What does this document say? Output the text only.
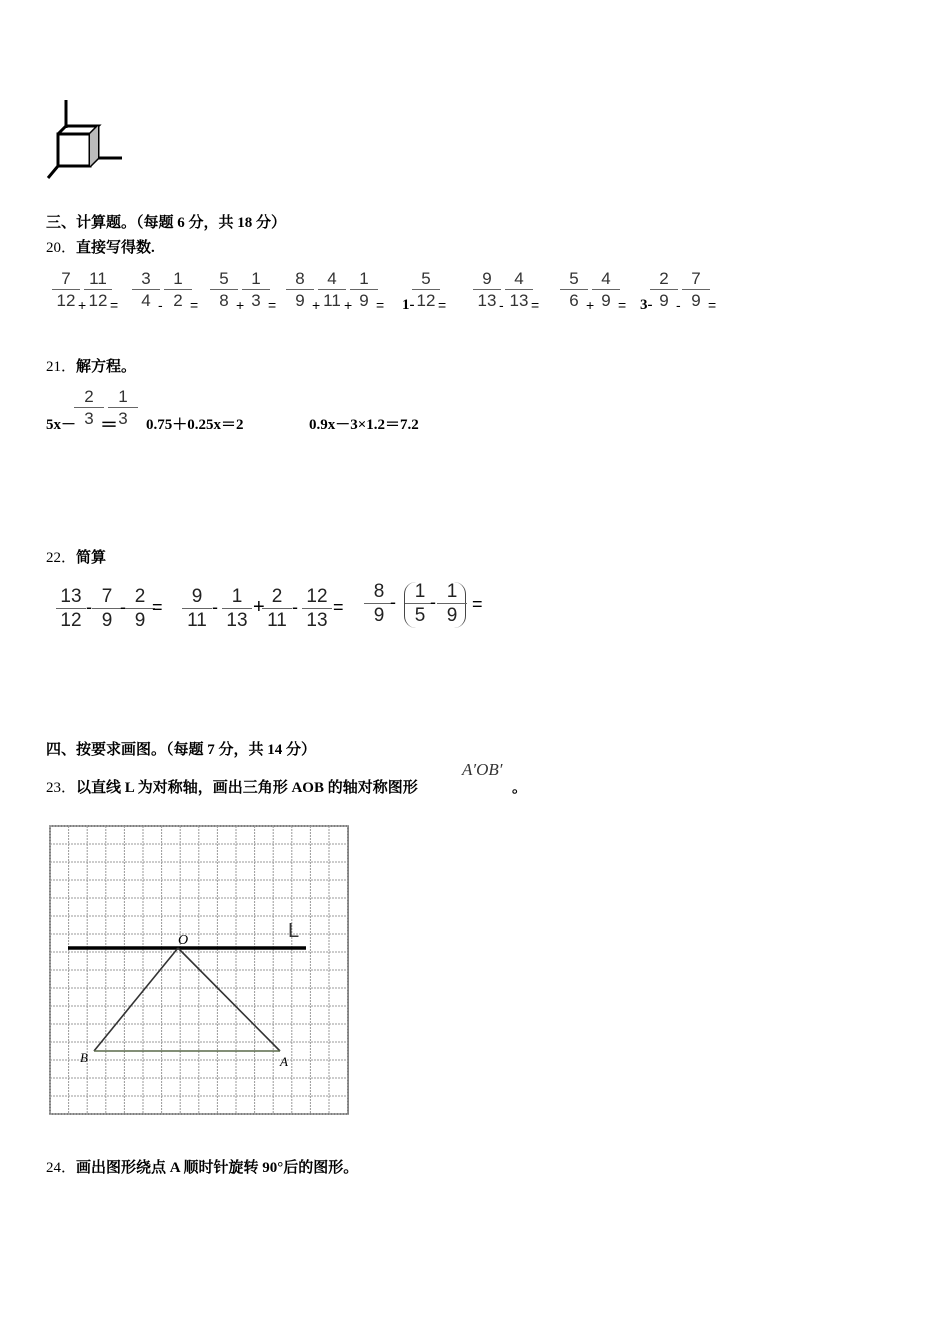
三、计算题。（每题 6 分，共 18 分）
20．直接写得数.
7
12 +
11
12 =
3
4 -
1
2 =
5
8 +
1
3 =
8
9 +
4
11 +
1
9 = 1-
5
12 =
9
13 -
4
13 =
5
6 +
4
9 = 3-
2
9 -
7
9 =
21．解方程。
5x－
2
3 ＝
1
3	0.75＋0.25x＝2	0.9x－3×1.2＝7.2
22．简算
13
12
- 7
9
- 2
9
=	9
11
- 1
13
+ 2
11
- 12
13
=
8
9
- 1
5
- 1
9
=
四、按要求画图。（每题 7 分，共 14 分）
23．以直线 L 为对称轴，画出三角形 AOB 的轴对称图形
A′OB′
。
O	L
B	A
24．画出图形绕点 A 顺时针旋转 90°后的图形。
